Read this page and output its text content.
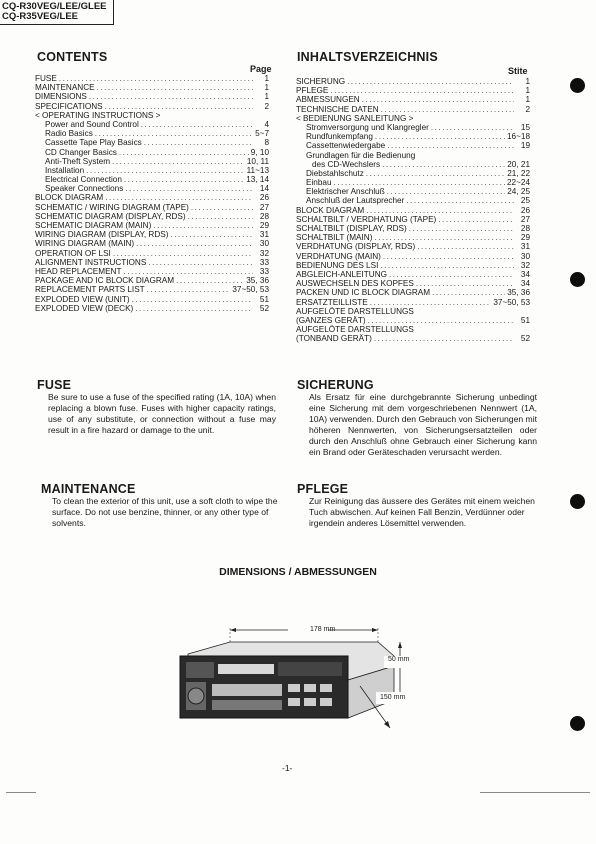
CQ-R30VEG/LEE/GLEE
CQ-R35VEG/LEE
CONTENTS
Page
FUSE .....	1
MAINTENANCE .....	1
DIMENSIONS .....	1
SPECIFICATIONS .....	2
< OPERATING INSTRUCTIONS >
Power and Sound Control .....	4
Radio Basics .....	5~7
Cassette Tape Play Basics .....	8
CD Changer Basics .....	9, 10
Anti-Theft System .....	10, 11
Installation .....	11~13
Electrical Connection .....	13, 14
Speaker Connections .....	14
BLOCK DIAGRAM .....	26
SCHEMATIC / WIRING DIAGRAM (TAPE) .....	27
SCHEMATIC DIAGRAM (DISPLAY, RDS) .....	28
SCHEMATIC DIAGRAM (MAIN) .....	29
WIRING DIAGRAM (DISPLAY, RDS) .....	31
WIRING DIAGRAM (MAIN) .....	30
OPERATION OF LSI .....	32
ALIGNMENT INSTRUCTIONS .....	33
HEAD REPLACEMENT .....	33
PACKAGE AND IC BLOCK DIAGRAM .....	35, 36
REPLACEMENT PARTS LIST .....	37~50, 53
EXPLODED VIEW (UNIT) .....	51
EXPLODED VIEW (DECK) .....	52
INHALTSVERZEICHNIS
Stite
SICHERUNG .....	1
PFLEGE .....	1
ABMESSUNGEN .....	1
TECHNISCHE DATEN .....	2
< BEDIENUNG SANLEITUNG >
Stromversorgung und Klangregler .....	15
Rundfunkempfang .....	16~18
Cassettenwiedergabe .....	19
Grundlagen für die Bedienung
des CD-Wechslers .....	20, 21
Diebstahlschutz .....	21, 22
Einbau .....	22~24
Elektrischer Anschluß .....	24, 25
Anschluß der Lautsprecher .....	25
BLOCK DIAGRAM .....	26
SCHALTBILT / VERDHATUNG (TAPE) .....	27
SCHALTBILT (DISPLAY, RDS) .....	28
SCHALTBILT (MAIN) .....	29
VERDHATUNG (DISPLAY, RDS) .....	31
VERDHATUNG (MAIN) .....	30
BEDIENUNG DES LSI .....	32
ABGLEICH-ANLEITUNG .....	34
AUSWECHSELN DES KOPFES .....	34
PACKEN UND IC BLOCK DIAGRAM .....	35, 36
ERSATZTEILLISTE .....	37~50, 53
AUFGELÖTE DARSTELLUNGS
(GANZES GERÄT) .....	51
AUFGELÖTE DARSTELLUNGS
(TONBAND GERÄT) .....	52
FUSE
Be sure to use a fuse of the specified rating (1A, 10A) when replacing a blown fuse. Fuses with higher capacity ratings, use of any substitute, or connection without a fuse may result in a fire hazard or damage to the unit.
SICHERUNG
Als Ersatz für eine durchgebrannte Sicherung unbedingt eine Sicherung mit dem vorgeschriebenen Nennwert (1A, 10A) verwenden. Durch den Gebrauch von Sicherungen mit höheren Nennwerten, von Sicherungsersatzteilen oder durch den Anschluß ohne Gebrauch einer Sicherung kann ein Brand oder Geräteschaden verursacht werden.
MAINTENANCE
To clean the exterior of this unit, use a soft cloth to wipe the surface. Do not use benzine, thinner, or any other type of solvents.
PFLEGE
Zur Reinigung das äussere des Gerätes mit einem weichen Tuch abwischen. Auf keinen Fall Benzin, Verdünner oder irgendein anderes Lösemittel verwenden.
DIMENSIONS / ABMESSUNGEN
178 mm
50 mm
150 mm
-1-
